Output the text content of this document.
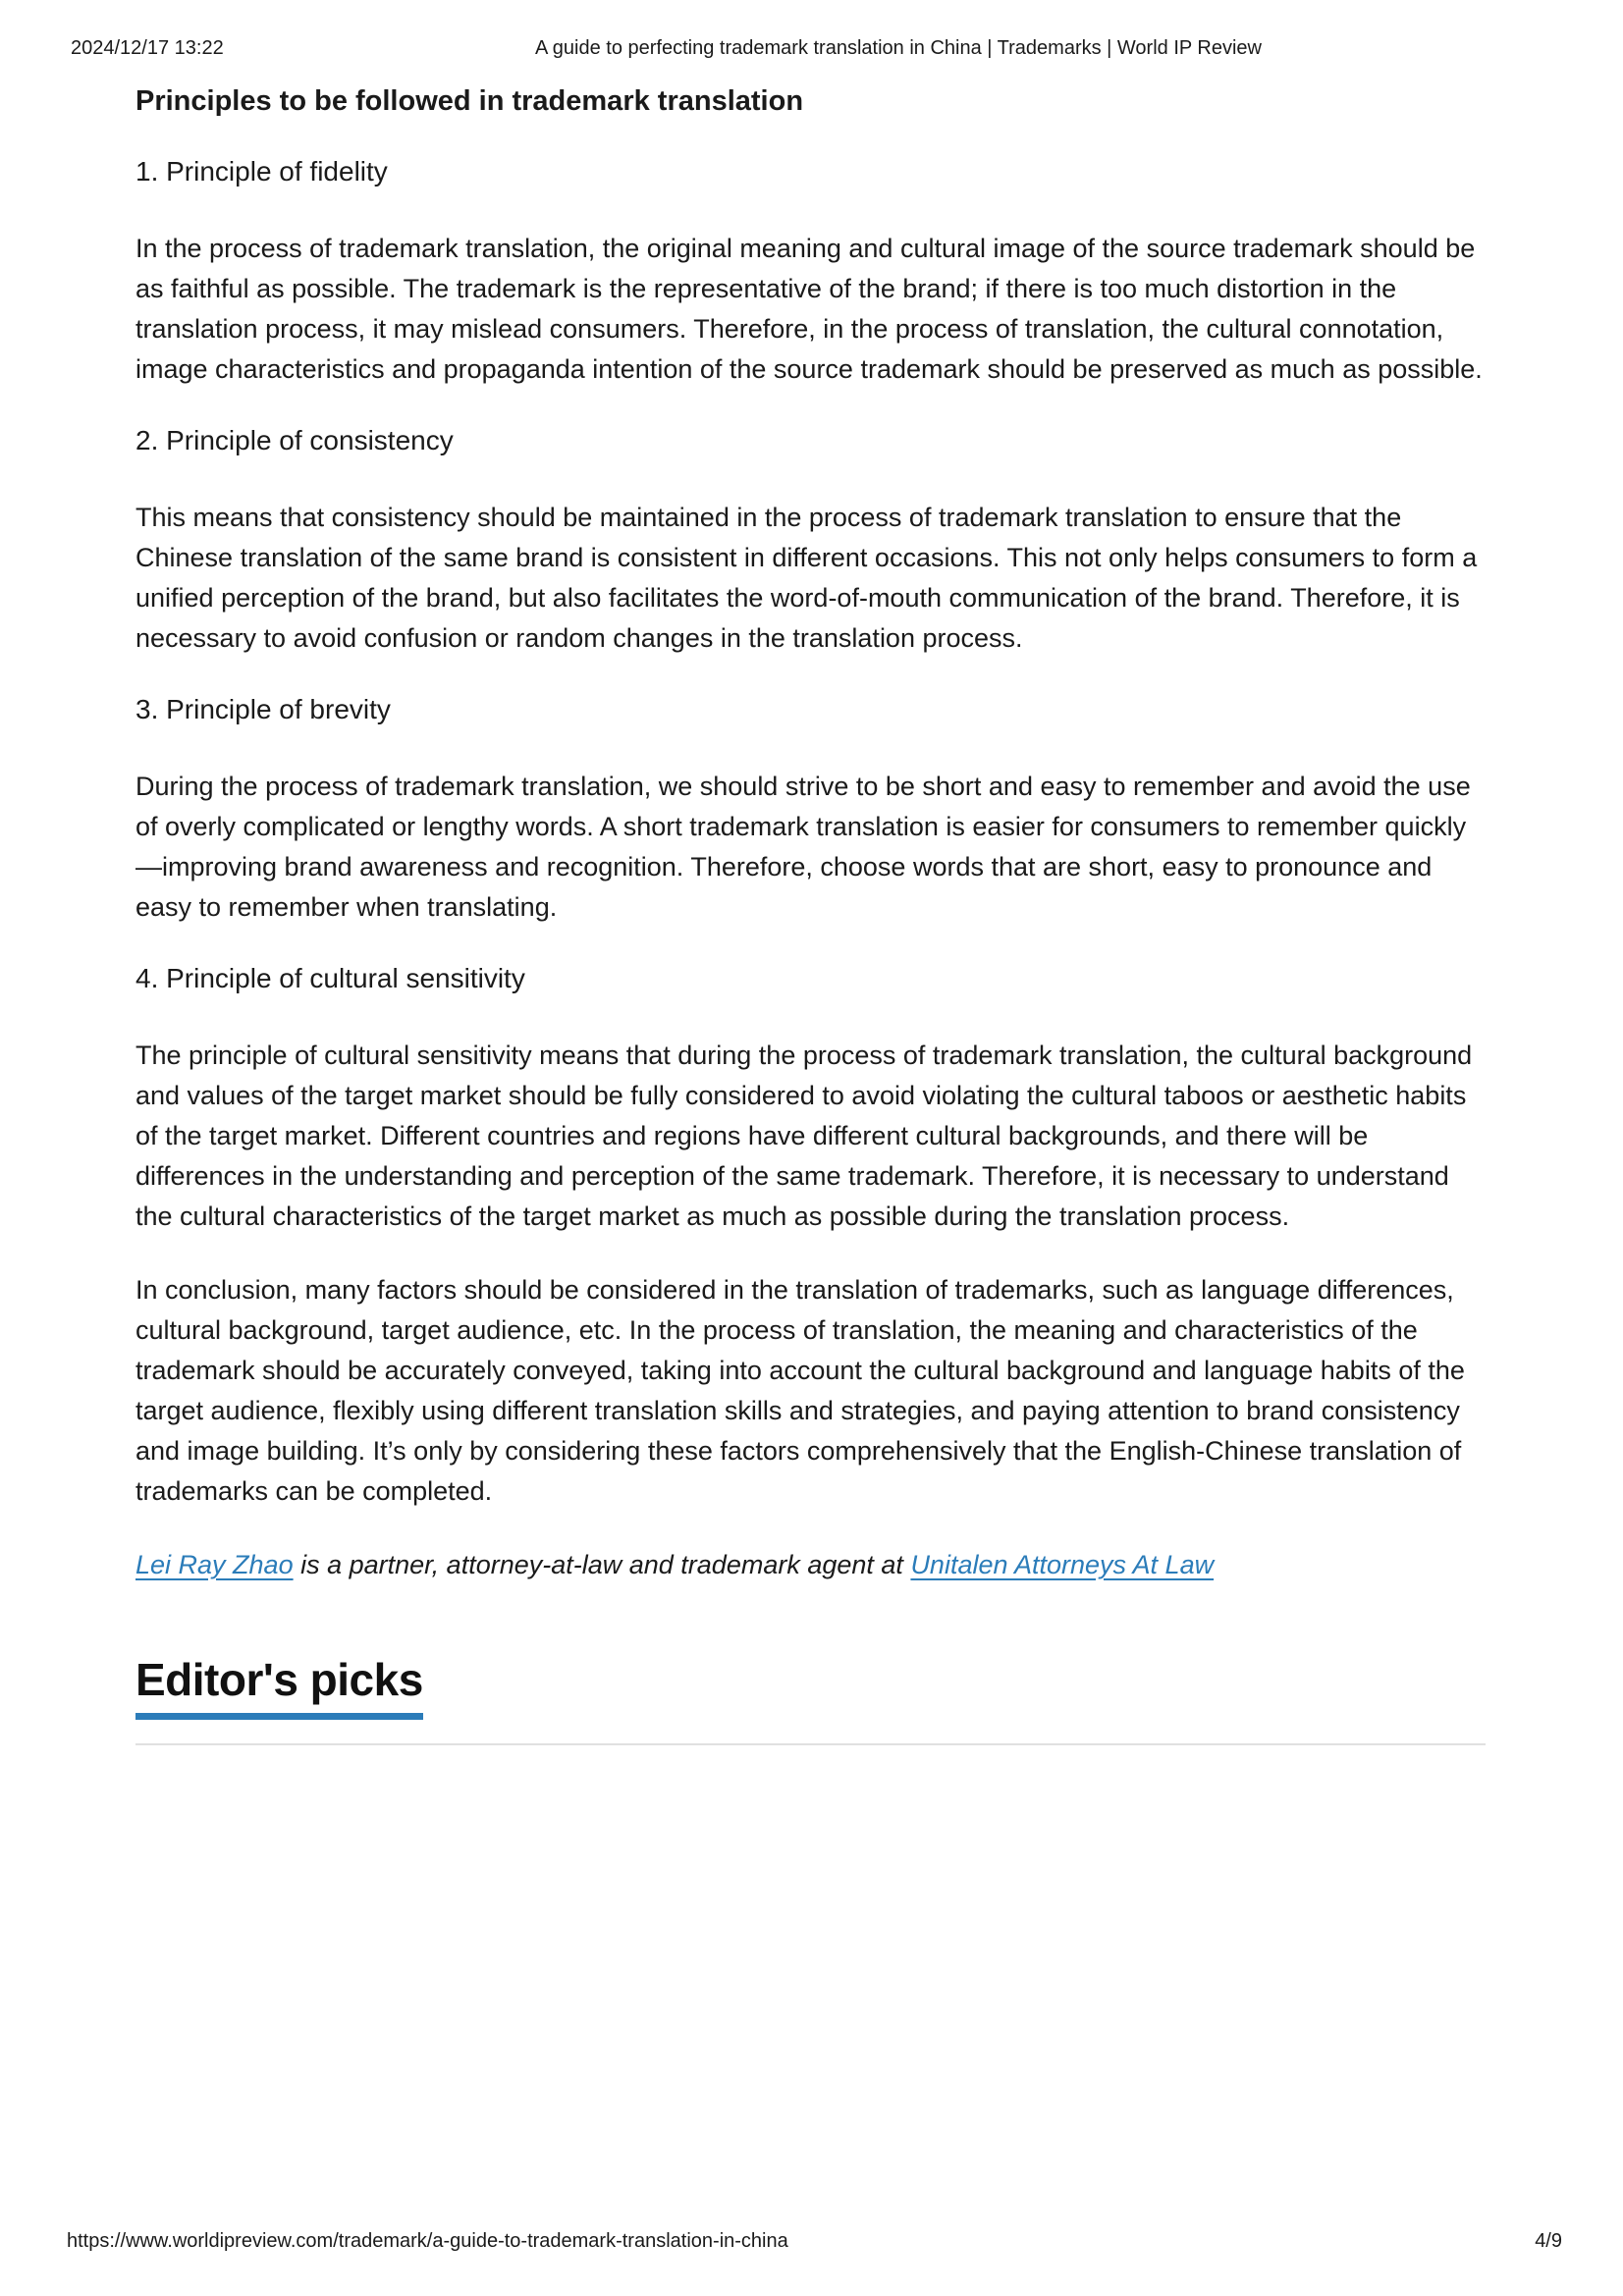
2024/12/17 13:22	A guide to perfecting trademark translation in China | Trademarks | World IP Review
Principles to be followed in trademark translation
1. Principle of fidelity

In the process of trademark translation, the original meaning and cultural image of the source trademark should be as faithful as possible. The trademark is the representative of the brand; if there is too much distortion in the translation process, it may mislead consumers. Therefore, in the process of translation, the cultural connotation, image characteristics and propaganda intention of the source trademark should be preserved as much as possible.

2. Principle of consistency

This means that consistency should be maintained in the process of trademark translation to ensure that the Chinese translation of the same brand is consistent in different occasions. This not only helps consumers to form a unified perception of the brand, but also facilitates the word-of-mouth communication of the brand. Therefore, it is necessary to avoid confusion or random changes in the translation process.

3. Principle of brevity

During the process of trademark translation, we should strive to be short and easy to remember and avoid the use of overly complicated or lengthy words. A short trademark translation is easier for consumers to remember quickly—improving brand awareness and recognition. Therefore, choose words that are short, easy to pronounce and easy to remember when translating.

4. Principle of cultural sensitivity

The principle of cultural sensitivity means that during the process of trademark translation, the cultural background and values of the target market should be fully considered to avoid violating the cultural taboos or aesthetic habits of the target market. Different countries and regions have different cultural backgrounds, and there will be differences in the understanding and perception of the same trademark. Therefore, it is necessary to understand the cultural characteristics of the target market as much as possible during the translation process.

In conclusion, many factors should be considered in the translation of trademarks, such as language differences, cultural background, target audience, etc. In the process of translation, the meaning and characteristics of the trademark should be accurately conveyed, taking into account the cultural background and language habits of the target audience, flexibly using different translation skills and strategies, and paying attention to brand consistency and image building. It’s only by considering these factors comprehensively that the English-Chinese translation of trademarks can be completed.

Lei Ray Zhao is a partner, attorney-at-law and trademark agent at Unitalen Attorneys At Law

Editor's picks
https://www.worldipreview.com/trademark/a-guide-to-trademark-translation-in-china	4/9
